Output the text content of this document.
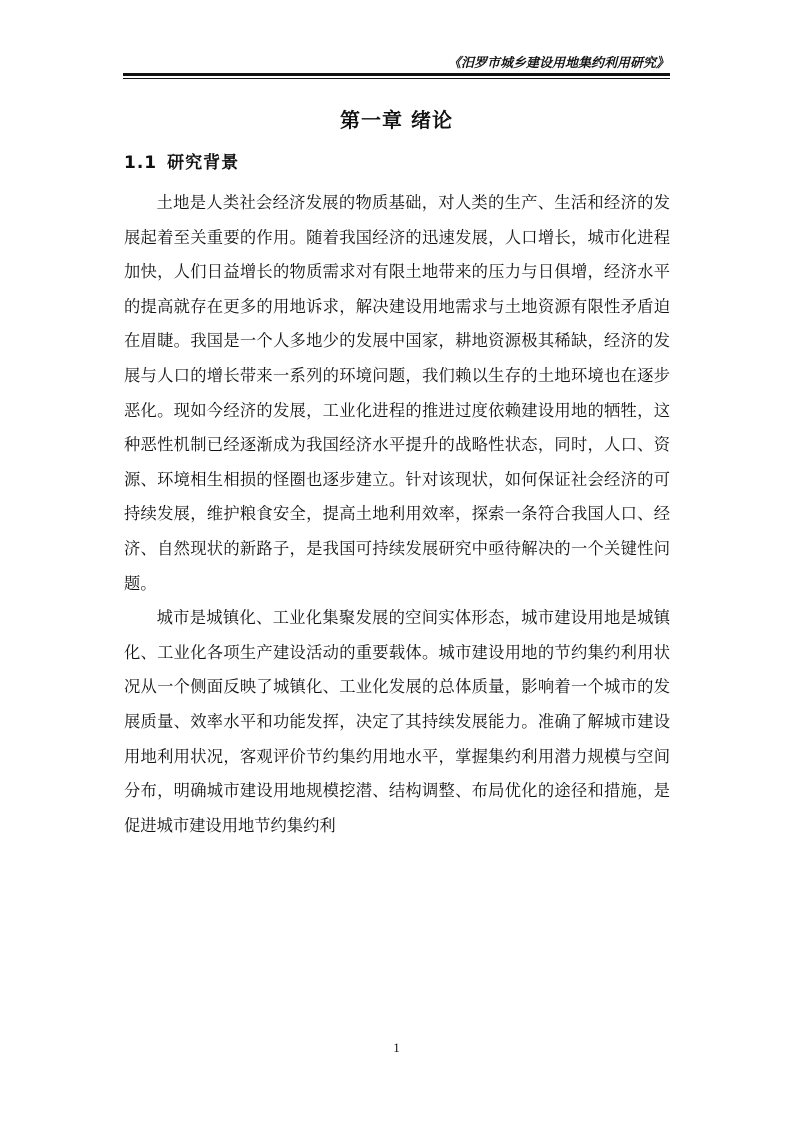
《汨罗市城乡建设用地集约利用研究》
第一章 绪论
1.1 研究背景

土地是人类社会经济发展的物质基础，对人类的生产、生活和经济的发展起着至关重要的作用。随着我国经济的迅速发展，人口增长，城市化进程加快，人们日益增长的物质需求对有限土地带来的压力与日俱增，经济水平的提高就存在更多的用地诉求，解决建设用地需求与土地资源有限性矛盾迫在眉睫。我国是一个人多地少的发展中国家，耕地资源极其稀缺，经济的发展与人口的增长带来一系列的环境问题，我们赖以生存的土地环境也在逐步恶化。现如今经济的发展，工业化进程的推进过度依赖建设用地的牺牲，这种恶性机制已经逐渐成为我国经济水平提升的战略性状态，同时，人口、资源、环境相生相损的怪圈也逐步建立。针对该现状，如何保证社会经济的可持续发展，维护粮食安全，提高土地利用效率，探索一条符合我国人口、经济、自然现状的新路子，是我国可持续发展研究中亟待解决的一个关键性问题。

城市是城镇化、工业化集聚发展的空间实体形态，城市建设用地是城镇化、工业化各项生产建设活动的重要载体。城市建设用地的节约集约利用状况从一个侧面反映了城镇化、工业化发展的总体质量，影响着一个城市的发展质量、效率水平和功能发挥，决定了其持续发展能力。准确了解城市建设用地利用状况，客观评价节约集约用地水平，掌握集约利用潜力规模与空间分布，明确城市建设用地规模挖潜、结构调整、布局优化的途径和措施，是促进城市建设用地节约集约利

1
